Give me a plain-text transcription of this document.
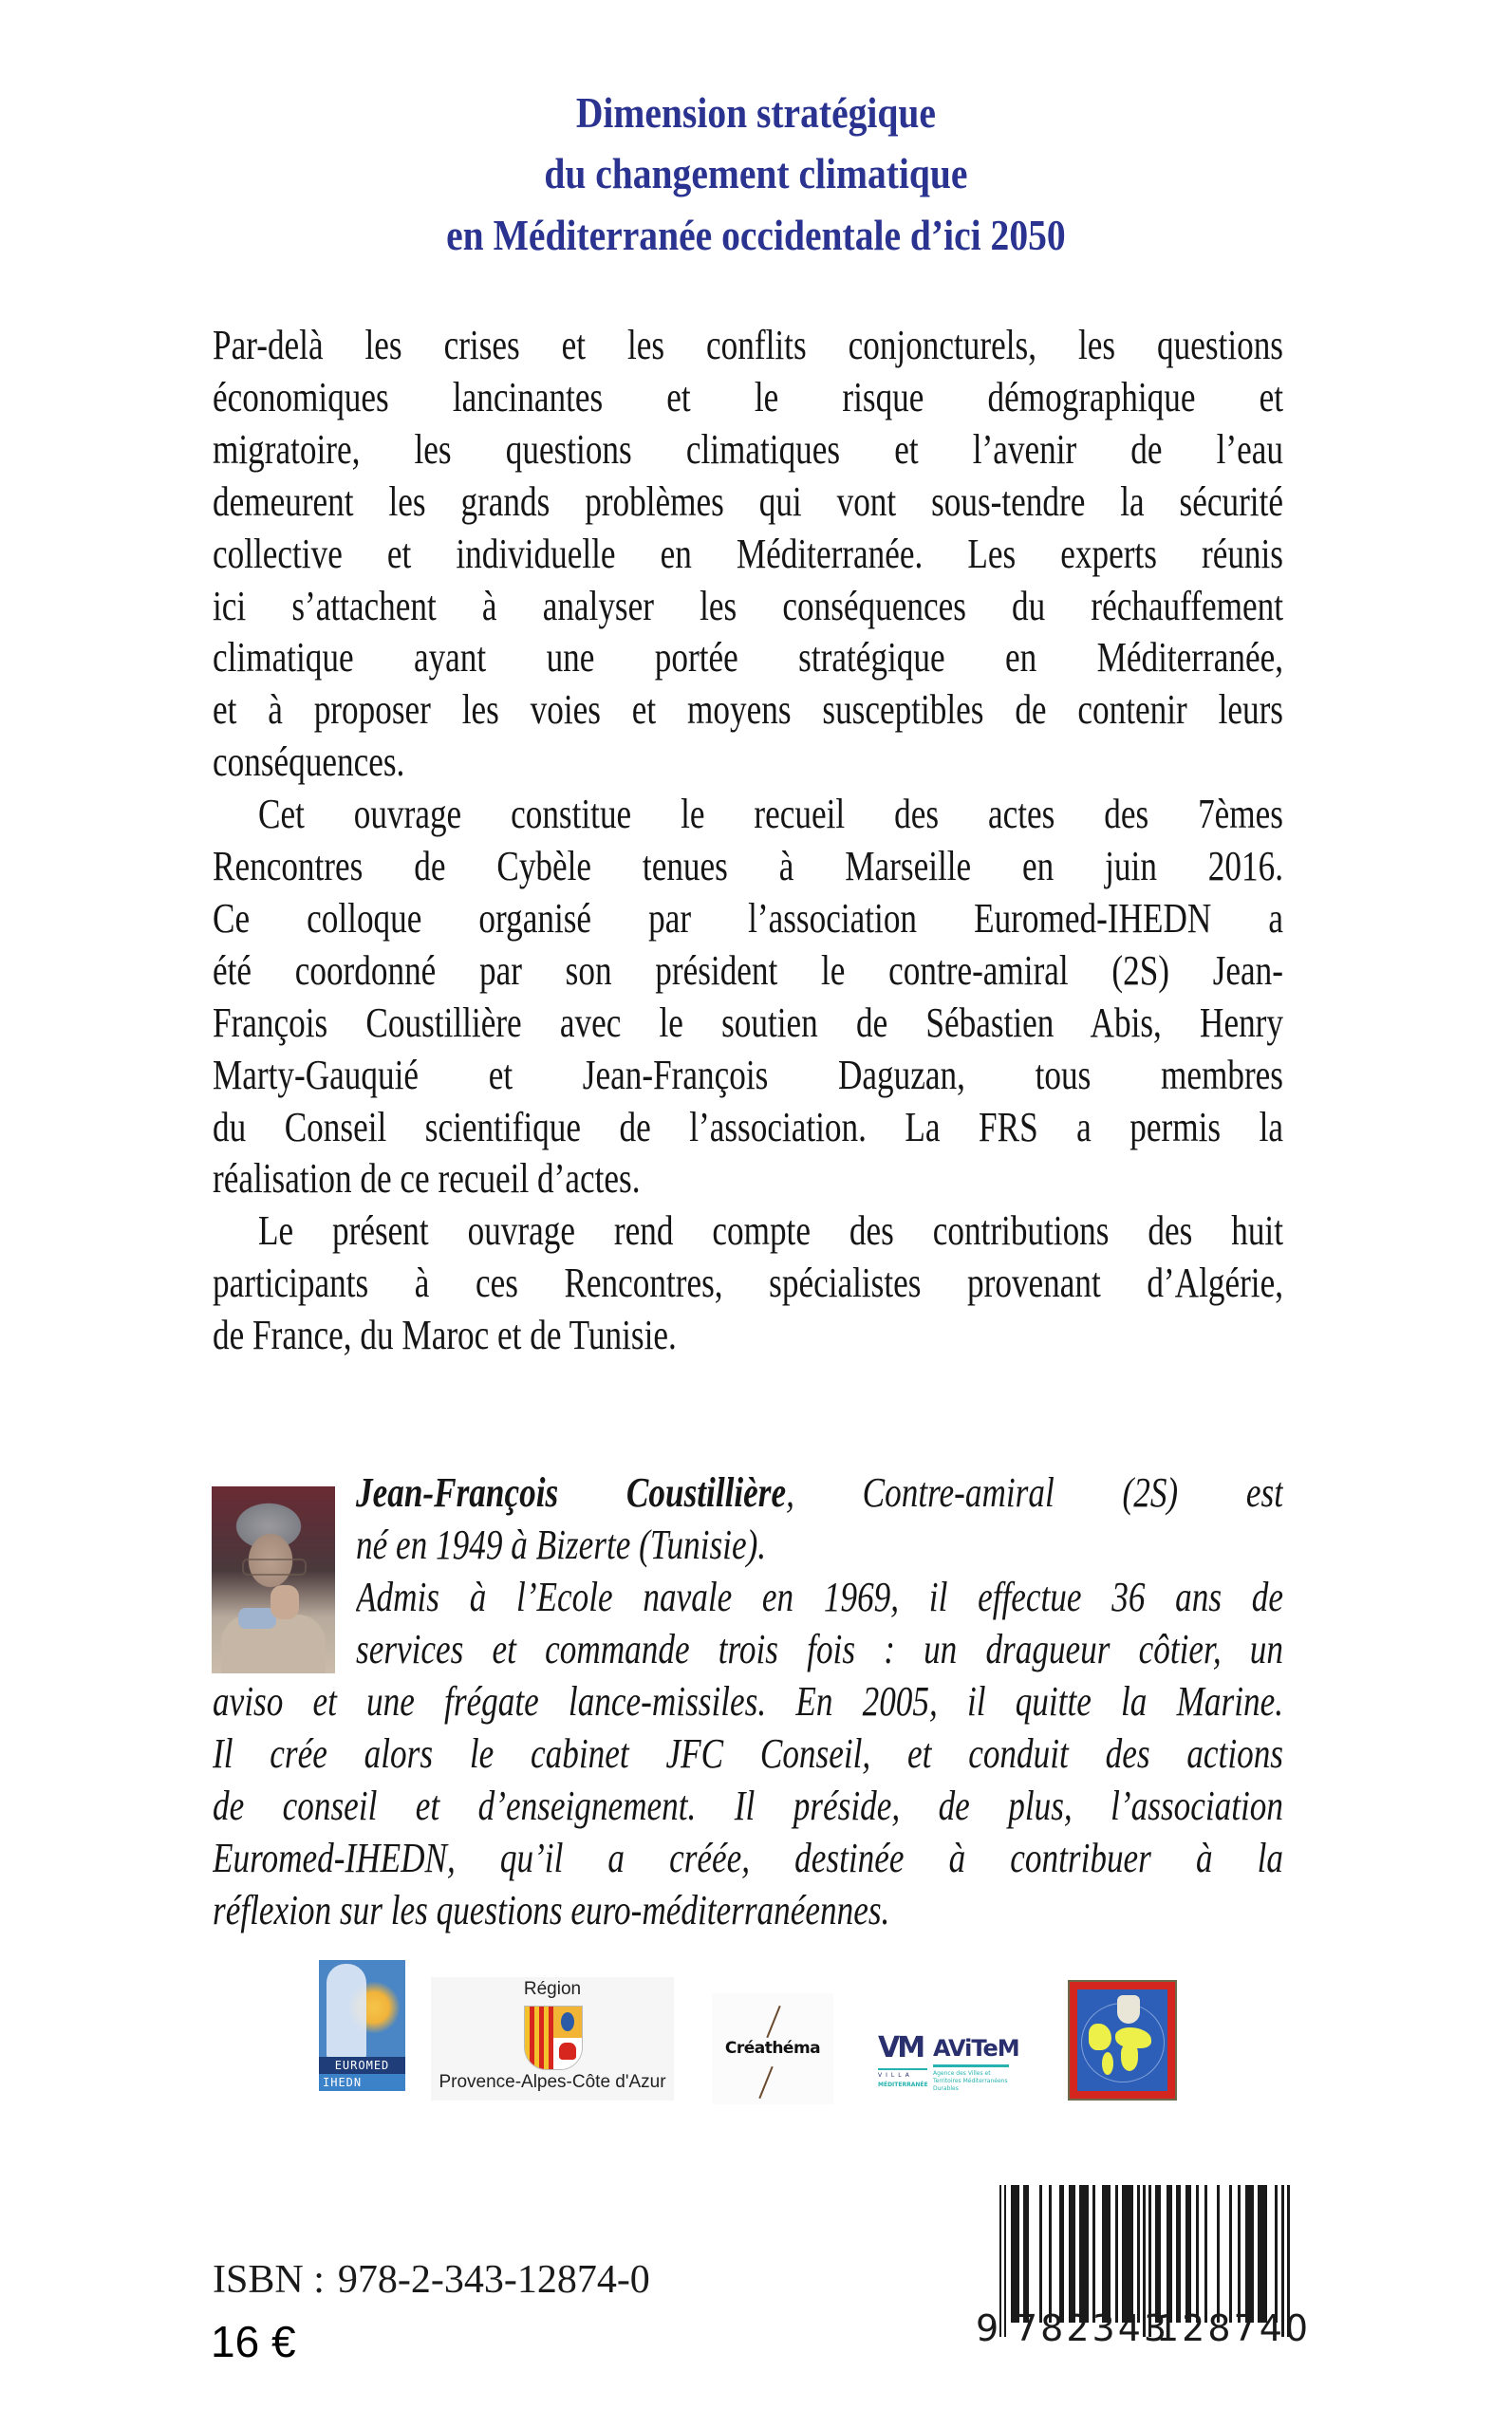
Dimension stratégique
du changement climatique
en Méditerranée occidentale d’ici 2050
Par-delà les crises et les conflits conjoncturels, les questions
économiques lancinantes et le risque démographique et
migratoire, les questions climatiques et l’avenir de l’eau
demeurent les grands problèmes qui vont sous-tendre la sécurité
collective et individuelle en Méditerranée. Les experts réunis
ici s’attachent à analyser les conséquences du réchauffement
climatique ayant une portée stratégique en Méditerranée,
et à proposer les voies et moyens susceptibles de contenir leurs
conséquences.
Cet ouvrage constitue le recueil des actes des 7èmes
Rencontres de Cybèle tenues à Marseille en juin 2016.
Ce colloque organisé par l’association Euromed-IHEDN a
été coordonné par son président le contre-amiral (2S) Jean-
François Coustillière avec le soutien de Sébastien Abis, Henry
Marty-Gauquié et Jean-François Daguzan, tous membres
du Conseil scientifique de l’association. La FRS a permis la
réalisation de ce recueil d’actes.
Le présent ouvrage rend compte des contributions des huit
participants à ces Rencontres, spécialistes provenant d’Algérie,
de France, du Maroc et de Tunisie.
Jean-François Coustillière, Contre-amiral (2S) est
né en 1949 à Bizerte (Tunisie).
Admis à l’Ecole navale en 1969, il effectue 36 ans de
services et commande trois fois : un dragueur côtier, un
aviso et une frégate lance-missiles. En 2005, il quitte la Marine.
Il crée alors le cabinet JFC Conseil, et conduit des actions
de conseil et d’enseignement. Il préside, de plus, l’association
Euromed-IHEDN, qu’il a créée, destinée à contribuer à la
réflexion sur les questions euro-méditerranéennes.
EUROMED
IHEDN
Région
Provence-Alpes-Côte d'Azur
Créathéma	VM
VILLA
MÉDITERRANÉE
AViTeM
Agence des Villes et Territoires Méditerranéens Durables
ISBN : 978-2-343-12874-0
16 €	9 782343
128740
